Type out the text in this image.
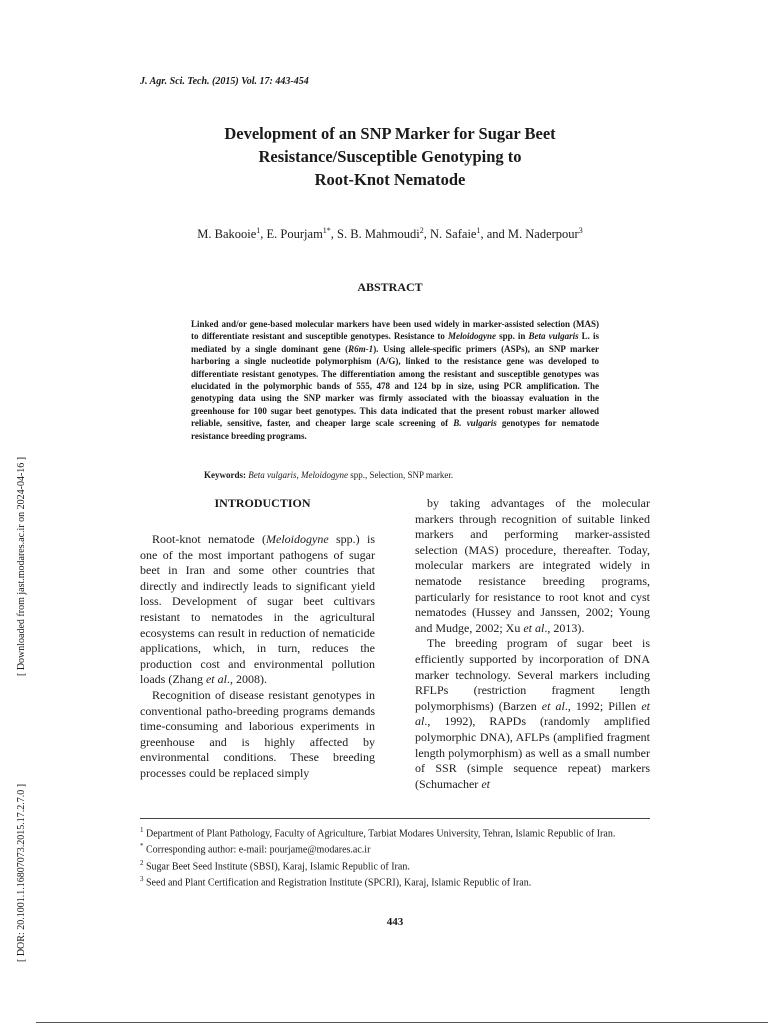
J. Agr. Sci. Tech. (2015) Vol. 17: 443-454
Development of an SNP Marker for Sugar Beet
Resistance/Susceptible Genotyping to
Root-Knot Nematode
M. Bakooie$^1$, E. Pourjam$^{1*}$, S. B. Mahmoudi$^2$, N. Safaie$^1$, and M. Naderpour$^3$
ABSTRACT
Linked and/or gene-based molecular markers have been used widely in marker-assisted selection (MAS) to differentiate resistant and susceptible genotypes. Resistance to Meloidogyne spp. in Beta vulgaris L. is mediated by a single dominant gene (R6m-1). Using allele-specific primers (ASPs), an SNP marker harboring a single nucleotide polymorphism (A/G), linked to the resistance gene was developed to differentiate resistant genotypes. The differentiation among the resistant and susceptible genotypes was elucidated in the polymorphic bands of 555, 478 and 124 bp in size, using PCR amplification. The genotyping data using the SNP marker was firmly associated with the bioassay evaluation in the greenhouse for 100 sugar beet genotypes. This data indicated that the present robust marker allowed reliable, sensitive, faster, and cheaper large scale screening of B. vulgaris genotypes for nematode resistance breeding programs.
Keywords: Beta vulgaris, Meloidogyne spp., Selection, SNP marker.
INTRODUCTION

Root-knot nematode (Meloidogyne spp.) is one of the most important pathogens of sugar beet in Iran and some other countries that directly and indirectly leads to significant yield loss. Development of sugar beet cultivars resistant to nematodes in the agricultural ecosystems can result in reduction of nematicide applications, which, in turn, reduces the production cost and environmental pollution loads (Zhang et al., 2008).

Recognition of disease resistant genotypes in conventional patho-breeding programs demands time-consuming and laborious experiments in greenhouse and is highly affected by environmental conditions. These breeding processes could be replaced simply

by taking advantages of the molecular markers through recognition of suitable linked markers and performing marker-assisted selection (MAS) procedure, thereafter. Today, molecular markers are integrated widely in nematode resistance breeding programs, particularly for resistance to root knot and cyst nematodes (Hussey and Janssen, 2002; Young and Mudge, 2002; Xu et al., 2013).

The breeding program of sugar beet is efficiently supported by incorporation of DNA marker technology. Several markers including RFLPs (restriction fragment length polymorphisms) (Barzen et al., 1992; Pillen et al., 1992), RAPDs (randomly amplified polymorphic DNA), AFLPs (amplified fragment length polymorphism) as well as a small number of SSR (simple sequence repeat) markers (Schumacher et

$^1$ Department of Plant Pathology, Faculty of Agriculture, Tarbiat Modares University, Tehran, Islamic Republic of Iran.
* Corresponding author: e-mail: pourjame@modares.ac.ir
$^2$ Sugar Beet Seed Institute (SBSI), Karaj, Islamic Republic of Iran.
$^3$ Seed and Plant Certification and Registration Institute (SPCRI), Karaj, Islamic Republic of Iran.
443
[ Downloaded from jast.modares.ac.ir on 2024-04-16 ]
[ DOR: 20.1001.1.16807073.2015.17.2.7.0 ]
